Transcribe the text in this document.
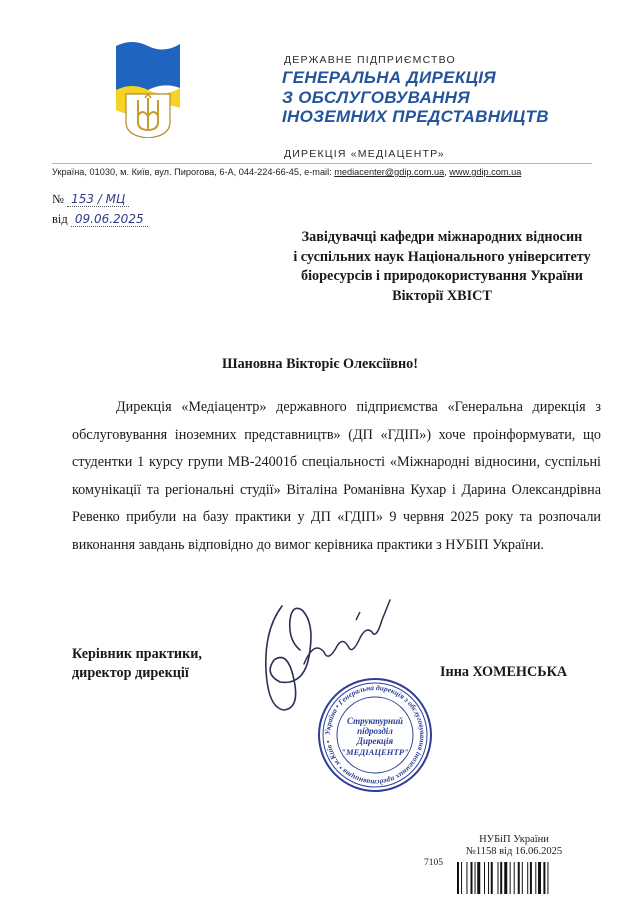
ДЕРЖАВНЕ ПІДПРИЄМСТВО
ГЕНЕРАЛЬНА ДИРЕКЦІЯ
З ОБСЛУГОВУВАННЯ
ІНОЗЕМНИХ ПРЕДСТАВНИЦТВ
ДИРЕКЦІЯ «МЕДІАЦЕНТР»
Україна, 01030, м. Київ, вул. Пирогова, 6-А, 044-224-66-45, e-mail: mediacenter@gdip.com.ua, www.gdip.com.ua
№ 153 / МЦ
від 09.06.2025
Завідувачці кафедри міжнародних відносин
і суспільних наук Національного університету
біоресурсів і природокористування України
Вікторії ХВІСТ
Шановна Вікторіє Олексіївно!
Дирекція «Медіацентр» державного підприємства «Генеральна дирекція з обслуговування іноземних представництв» (ДП «ГДІП») хоче проінформувати, що студентки 1 курсу групи МВ-24001б спеціальності «Міжнародні відносини, суспільні комунікації та регіональні студії» Віталіна Романівна Кухар і Дарина Олександрівна Ревенко прибули на базу практики у ДП «ГДІП» 9 червня 2025 року та розпочали виконання завдань відповідно до вимог керівника практики з НУБІП України.
Керівник практики,
директор дирекції	Інна ХОМЕНСЬКА
Україна • Генеральна дирекція з обслуговування іноземних представництв • м.Київ •
Структурний
підрозділ
Дирекція
"МЕДІАЦЕНТР"
НУБіП України
№1158 від 16.06.2025
7105
